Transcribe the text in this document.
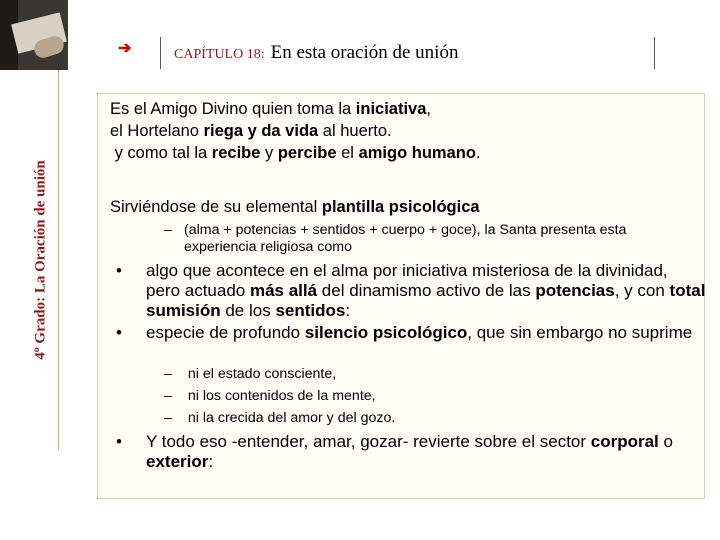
4º Grado: La Oración de unión
➔	CAPÍTULO 18: En esta oración de unión
Es el Amigo Divino quien toma la iniciativa,
el Hortelano riega y da vida al huerto.
y como tal la recibe y percibe el amigo humano.
Sirviéndose de su elemental plantilla psicológica
– (alma + potencias + sentidos + cuerpo + goce), la Santa presenta esta experiencia religiosa como
• algo que acontece en el alma por iniciativa misteriosa de la divinidad, pero actuado más allá del dinamismo activo de las potencias, y con total sumisión de los sentidos:
• especie de profundo silencio psicológico, que sin embargo no suprime
– ni el estado consciente,
– ni los contenidos de la mente,
– ni la crecida del amor y del gozo.
• Y todo eso -entender, amar, gozar- revierte sobre el sector corporal o exterior:
